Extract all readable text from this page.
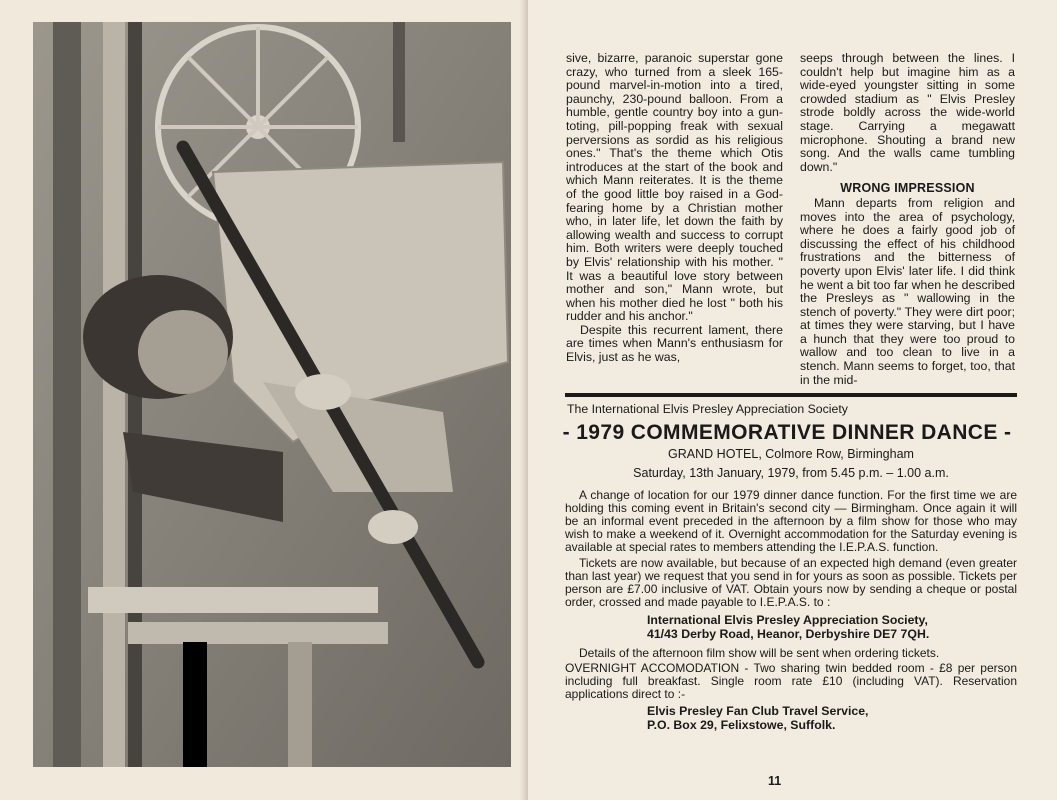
sive, bizarre, paranoic superstar gone crazy, who turned from a sleek 165-pound marvel-in-motion into a tired, paunchy, 230-pound balloon. From a humble, gentle country boy into a gun-toting, pill-popping freak with sexual perversions as sordid as his religious ones." That's the theme which Otis introduces at the start of the book and which Mann reiterates. It is the theme of the good little boy raised in a God-fearing home by a Christian mother who, in later life, let down the faith by allowing wealth and success to corrupt him. Both writers were deeply touched by Elvis' relationship with his mother. " It was a beautiful love story between mother and son," Mann wrote, but when his mother died he lost " both his rudder and his anchor."

Despite this recurrent lament, there are times when Mann's enthusiasm for Elvis, just as he was,

seeps through between the lines. I couldn't help but imagine him as a wide-eyed youngster sitting in some crowded stadium as " Elvis Presley strode boldly across the wide-world stage. Carrying a megawatt microphone. Shouting a brand new song. And the walls came tumbling down."

WRONG IMPRESSION

Mann departs from religion and moves into the area of psychology, where he does a fairly good job of discussing the effect of his childhood frustrations and the bitterness of poverty upon Elvis' later life. I did think he went a bit too far when he described the Presleys as " wallowing in the stench of poverty." They were dirt poor; at times they were starving, but I have a hunch that they were too proud to wallow and too clean to live in a stench. Mann seems to forget, too, that in the mid-

The International Elvis Presley Appreciation Society
- 1979 COMMEMORATIVE DINNER DANCE -
GRAND HOTEL, Colmore Row, Birmingham
Saturday, 13th January, 1979, from 5.45 p.m. – 1.00 a.m.

A change of location for our 1979 dinner dance function. For the first time we are holding this coming event in Britain's second city — Birmingham. Once again it will be an informal event preceded in the afternoon by a film show for those who may wish to make a weekend of it. Overnight accommodation for the Saturday evening is available at special rates to members attending the I.E.P.A.S. function.

Tickets are now available, but because of an expected high demand (even greater than last year) we request that you send in for yours as soon as possible. Tickets per person are £7.00 inclusive of VAT. Obtain yours now by sending a cheque or postal order, crossed and made payable to I.E.P.A.S. to :

International Elvis Presley Appreciation Society,
41/43 Derby Road, Heanor, Derbyshire DE7 7QH.

Details of the afternoon film show will be sent when ordering tickets.

OVERNIGHT ACCOMODATION - Two sharing twin bedded room - £8 per person including full breakfast. Single room rate £10 (including VAT). Reservation applications direct to :-

Elvis Presley Fan Club Travel Service,
P.O. Box 29, Felixstowe, Suffolk.
11
